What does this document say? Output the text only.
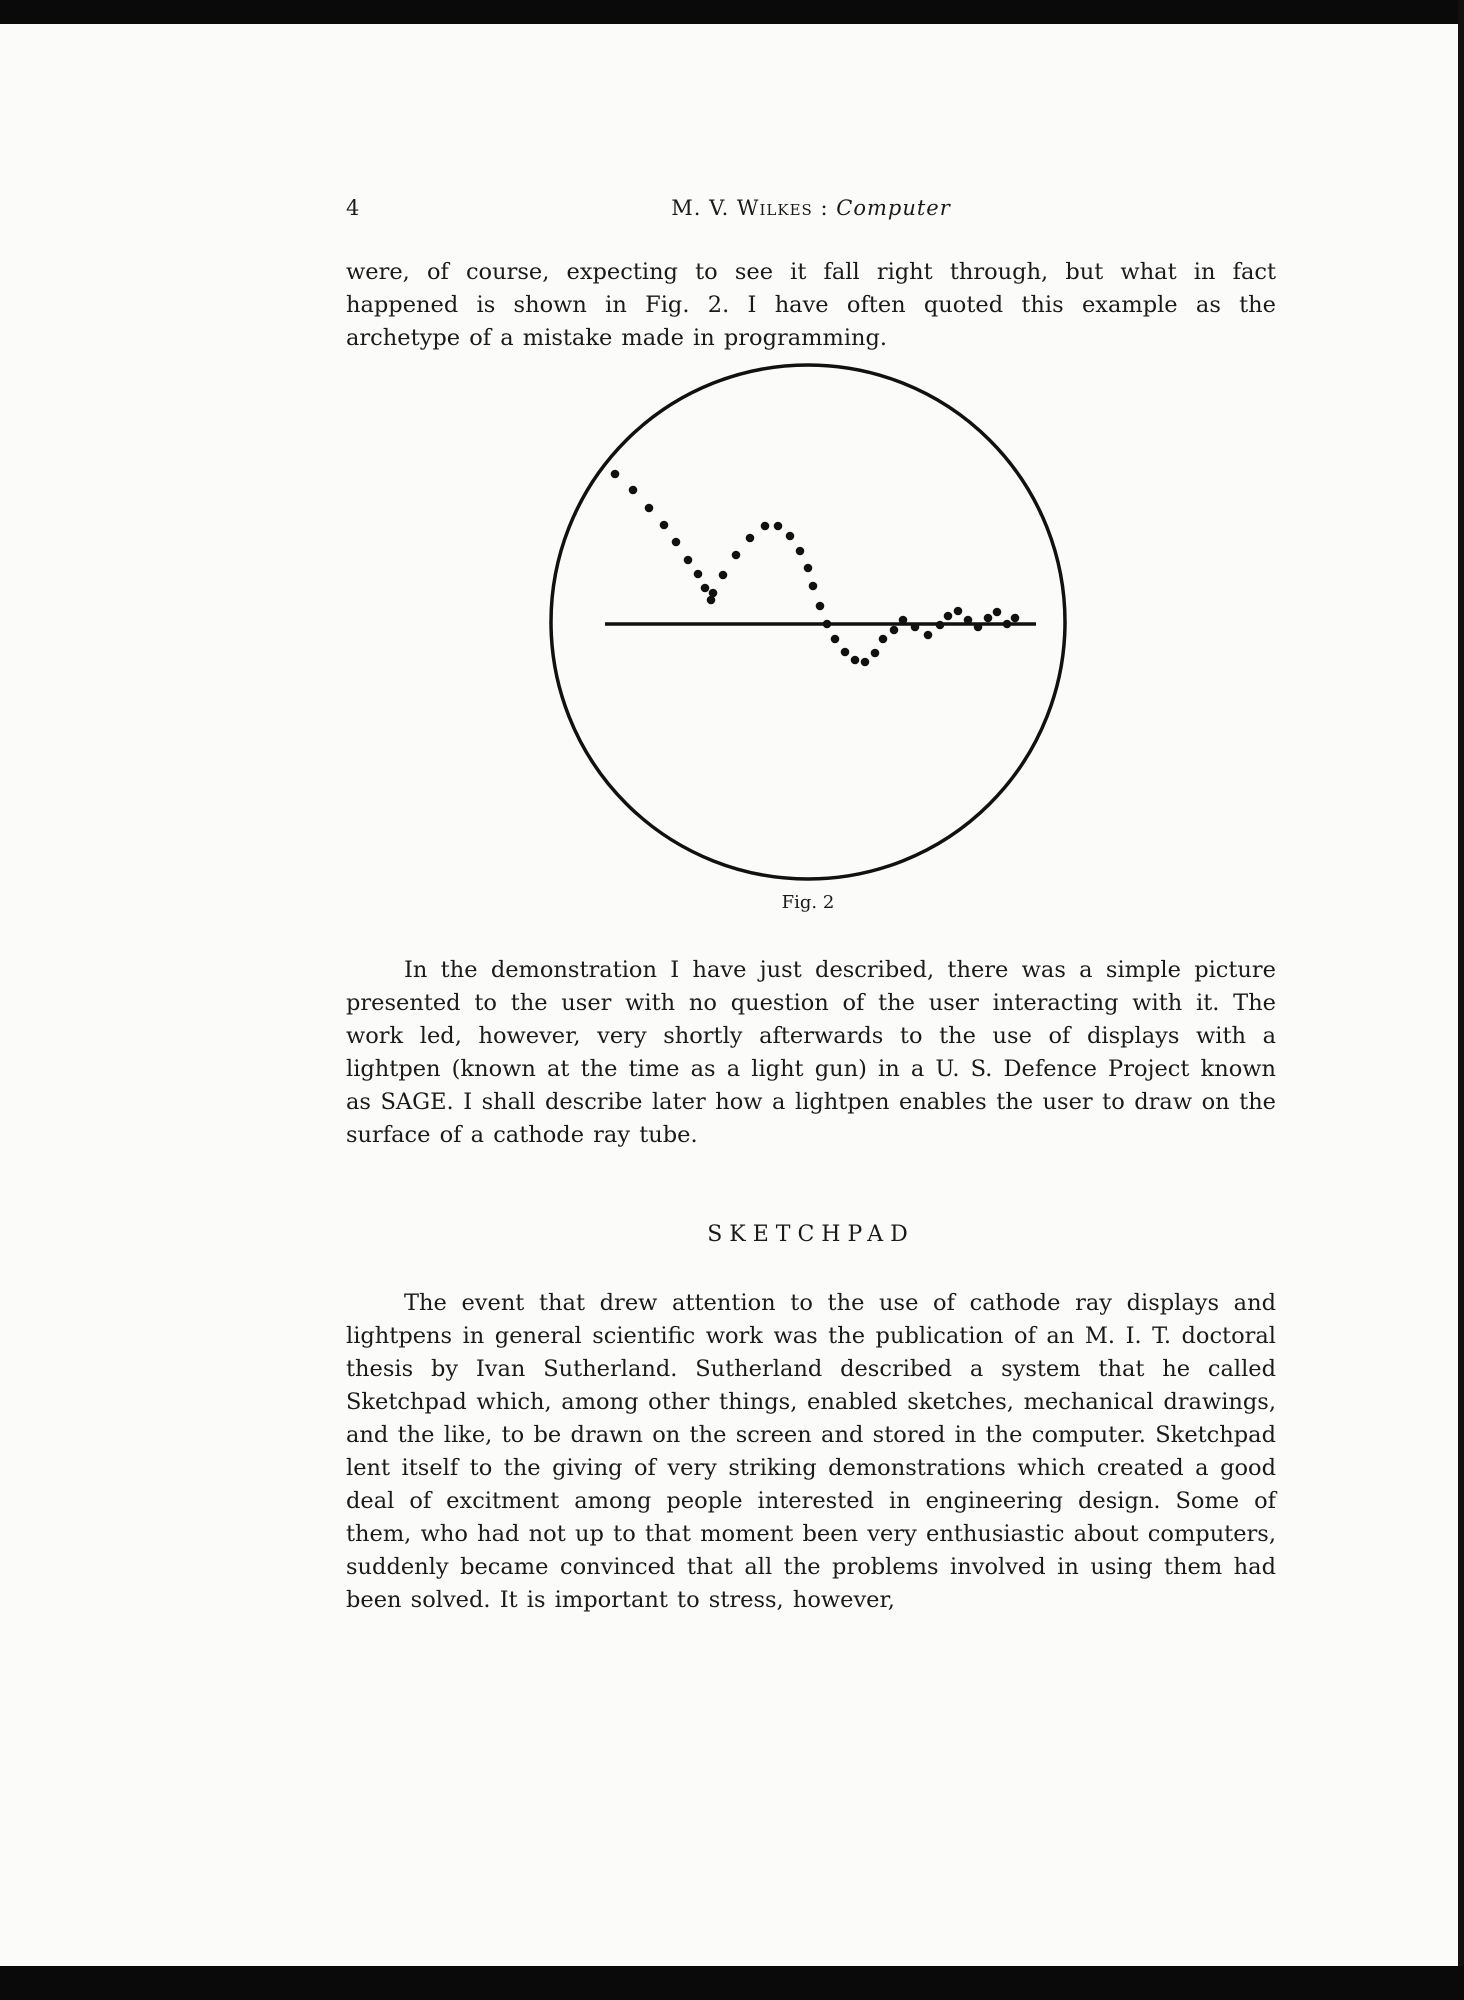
4	M. V. Wilkes : Computer

were, of course, expecting to see it fall right through, but what in fact happened is shown in Fig. 2. I have often quoted this example as the archetype of a mistake made in programming.

Fig. 2
SKETCHPAD

In the demonstration I have just described, there was a simple picture presented to the user with no question of the user interacting with it. The work led, however, very shortly afterwards to the use of displays with a lightpen (known at the time as a light gun) in a U. S. Defence Project known as SAGE. I shall describe later how a lightpen enables the user to draw on the surface of a cathode ray tube.

The event that drew attention to the use of cathode ray displays and lightpens in general scientific work was the publication of an M. I. T. doctoral thesis by Ivan Sutherland. Sutherland described a system that he called Sketchpad which, among other things, enabled sketches, mechanical drawings, and the like, to be drawn on the screen and stored in the computer. Sketchpad lent itself to the giving of very striking demonstrations which created a good deal of excitment among people interested in engineering design. Some of them, who had not up to that moment been very enthusiastic about computers, suddenly became convinced that all the problems involved in using them had been solved. It is important to stress, however,
